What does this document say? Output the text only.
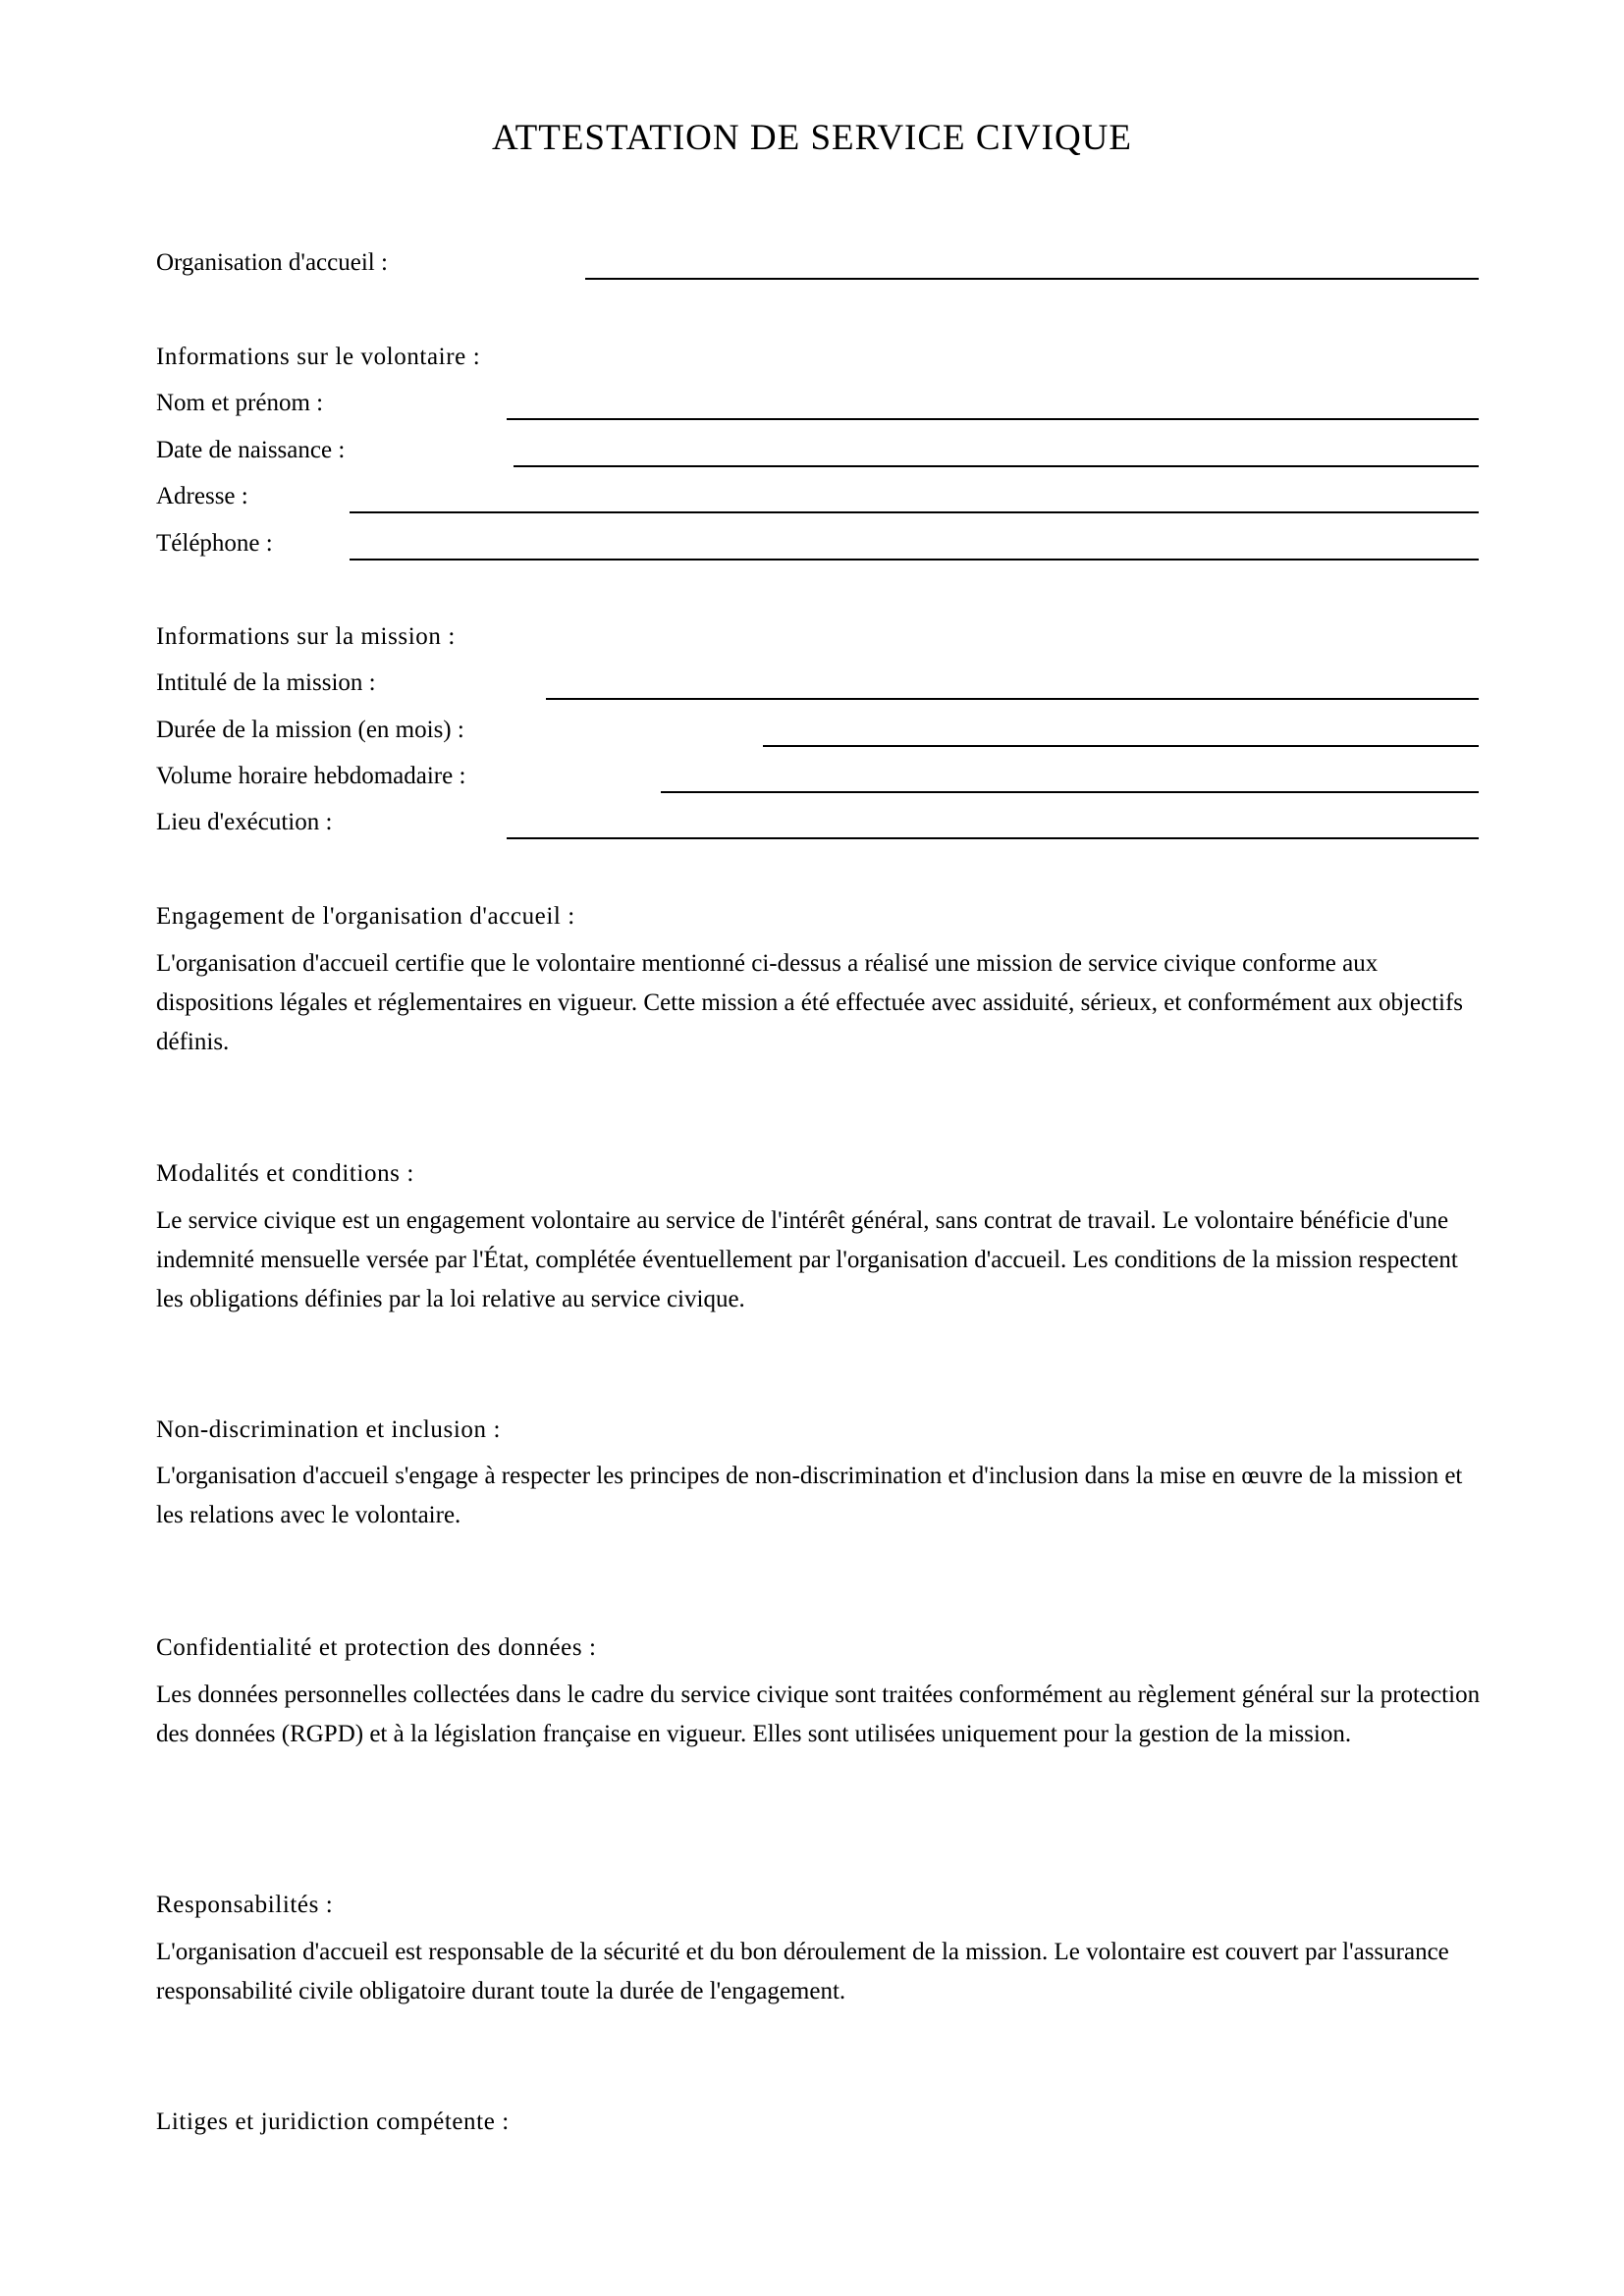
ATTESTATION DE SERVICE CIVIQUE
Organisation d'accueil :
Informations sur le volontaire :
Nom et prénom :
Date de naissance :
Adresse :
Téléphone :
Informations sur la mission :
Intitulé de la mission :
Durée de la mission (en mois) :
Volume horaire hebdomadaire :
Lieu d'exécution :
Engagement de l'organisation d'accueil :
L'organisation d'accueil certifie que le volontaire mentionné ci-dessus a réalisé une mission de service civique conforme aux dispositions légales et réglementaires en vigueur. Cette mission a été effectuée avec assiduité, sérieux, et conformément aux objectifs définis.
Modalités et conditions :
Le service civique est un engagement volontaire au service de l'intérêt général, sans contrat de travail. Le volontaire bénéficie d'une indemnité mensuelle versée par l'État, complétée éventuellement par l'organisation d'accueil. Les conditions de la mission respectent les obligations définies par la loi relative au service civique.
Non-discrimination et inclusion :
L'organisation d'accueil s'engage à respecter les principes de non-discrimination et d'inclusion dans la mise en œuvre de la mission et les relations avec le volontaire.
Confidentialité et protection des données :
Les données personnelles collectées dans le cadre du service civique sont traitées conformément au règlement général sur la protection des données (RGPD) et à la législation française en vigueur. Elles sont utilisées uniquement pour la gestion de la mission.
Responsabilités :
L'organisation d'accueil est responsable de la sécurité et du bon déroulement de la mission. Le volontaire est couvert par l'assurance responsabilité civile obligatoire durant toute la durée de l'engagement.
Litiges et juridiction compétente :
